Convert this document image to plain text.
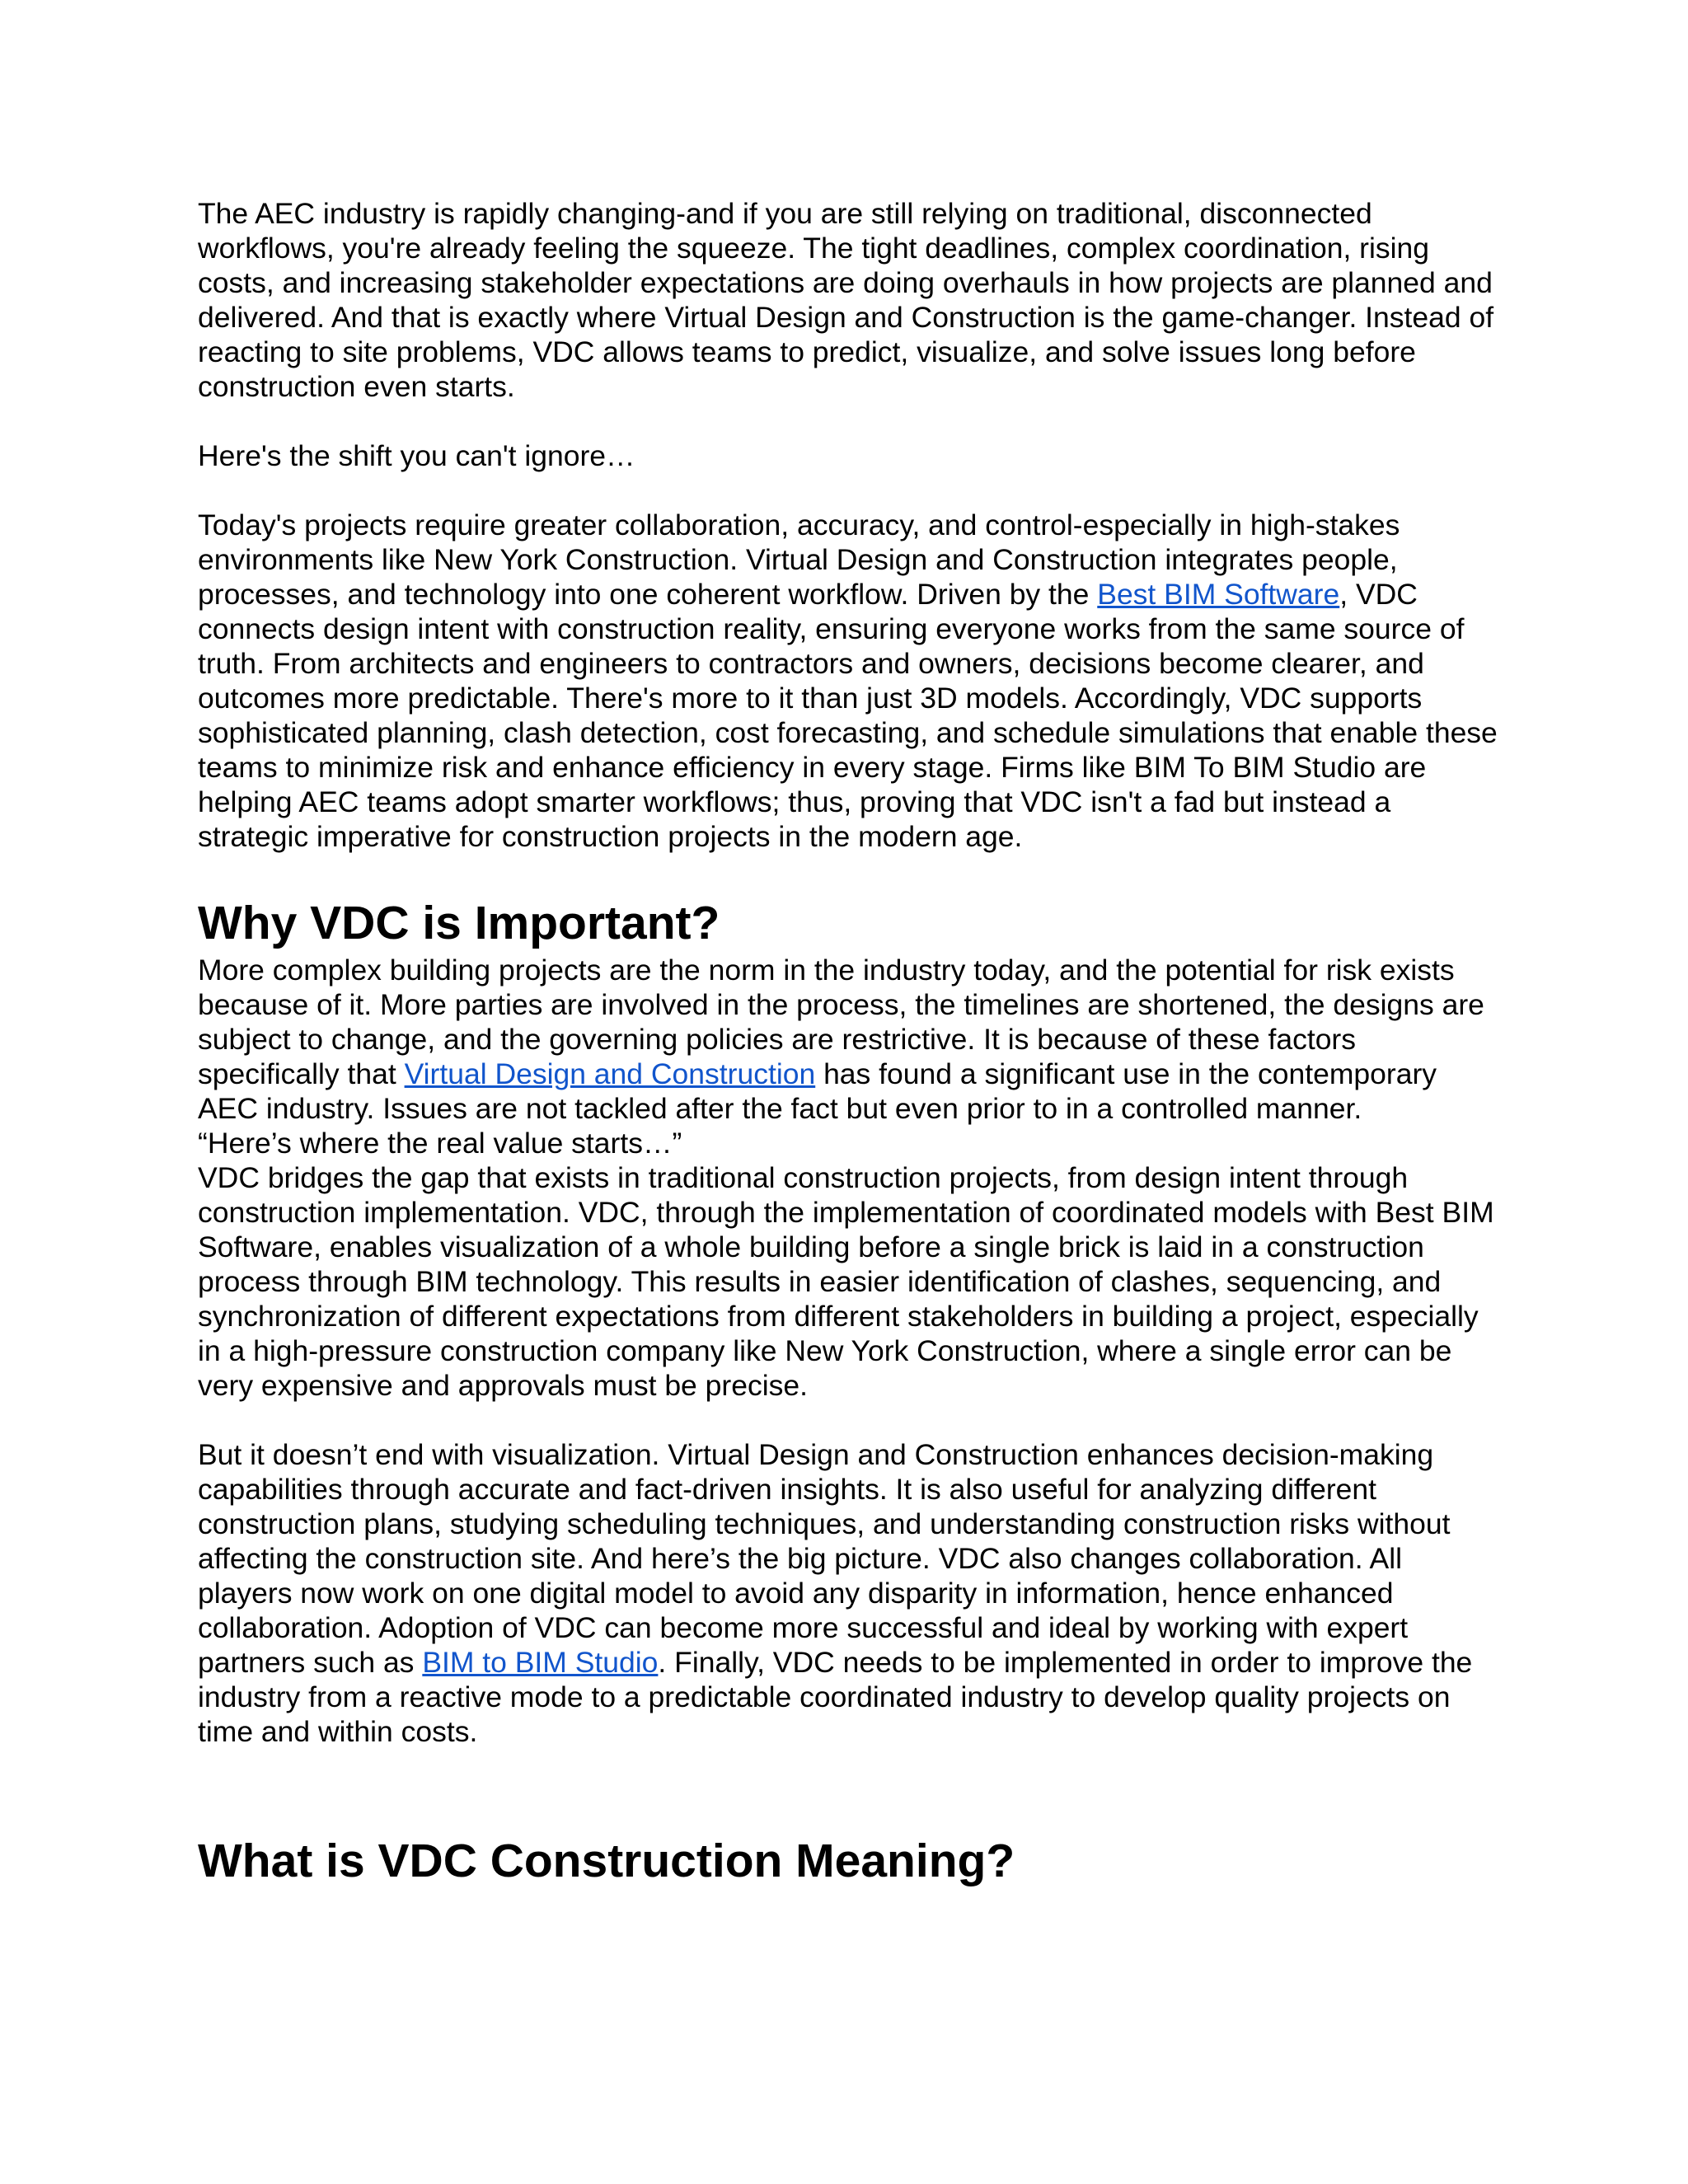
The AEC industry is rapidly changing-and if you are still relying on traditional, disconnected workflows, you're already feeling the squeeze. The tight deadlines, complex coordination, rising costs, and increasing stakeholder expectations are doing overhauls in how projects are planned and delivered. And that is exactly where Virtual Design and Construction is the game-changer. Instead of reacting to site problems, VDC allows teams to predict, visualize, and solve issues long before construction even starts.

Here's the shift you can't ignore…

Today's projects require greater collaboration, accuracy, and control-especially in high-stakes environments like New York Construction. Virtual Design and Construction integrates people, processes, and technology into one coherent workflow. Driven by the Best BIM Software, VDC connects design intent with construction reality, ensuring everyone works from the same source of truth. From architects and engineers to contractors and owners, decisions become clearer, and outcomes more predictable. There's more to it than just 3D models. Accordingly, VDC supports sophisticated planning, clash detection, cost forecasting, and schedule simulations that enable these teams to minimize risk and enhance efficiency in every stage. Firms like BIM To BIM Studio are helping AEC teams adopt smarter workflows; thus, proving that VDC isn't a fad but instead a strategic imperative for construction projects in the modern age.

Why VDC is Important?

More complex building projects are the norm in the industry today, and the potential for risk exists because of it. More parties are involved in the process, the timelines are shortened, the designs are subject to change, and the governing policies are restrictive. It is because of these factors specifically that Virtual Design and Construction has found a significant use in the contemporary AEC industry. Issues are not tackled after the fact but even prior to in a controlled manner.

“Here’s where the real value starts…”

VDC bridges the gap that exists in traditional construction projects, from design intent through construction implementation. VDC, through the implementation of coordinated models with Best BIM Software, enables visualization of a whole building before a single brick is laid in a construction process through BIM technology. This results in easier identification of clashes, sequencing, and synchronization of different expectations from different stakeholders in building a project, especially in a high-pressure construction company like New York Construction, where a single error can be very expensive and approvals must be precise.

But it doesn’t end with visualization. Virtual Design and Construction enhances decision-making capabilities through accurate and fact-driven insights. It is also useful for analyzing different construction plans, studying scheduling techniques, and understanding construction risks without affecting the construction site. And here’s the big picture. VDC also changes collaboration. All players now work on one digital model to avoid any disparity in information, hence enhanced collaboration. Adoption of VDC can become more successful and ideal by working with expert partners such as BIM to BIM Studio. Finally, VDC needs to be implemented in order to improve the industry from a reactive mode to a predictable coordinated industry to develop quality projects on time and within costs.

What is VDC Construction Meaning?
